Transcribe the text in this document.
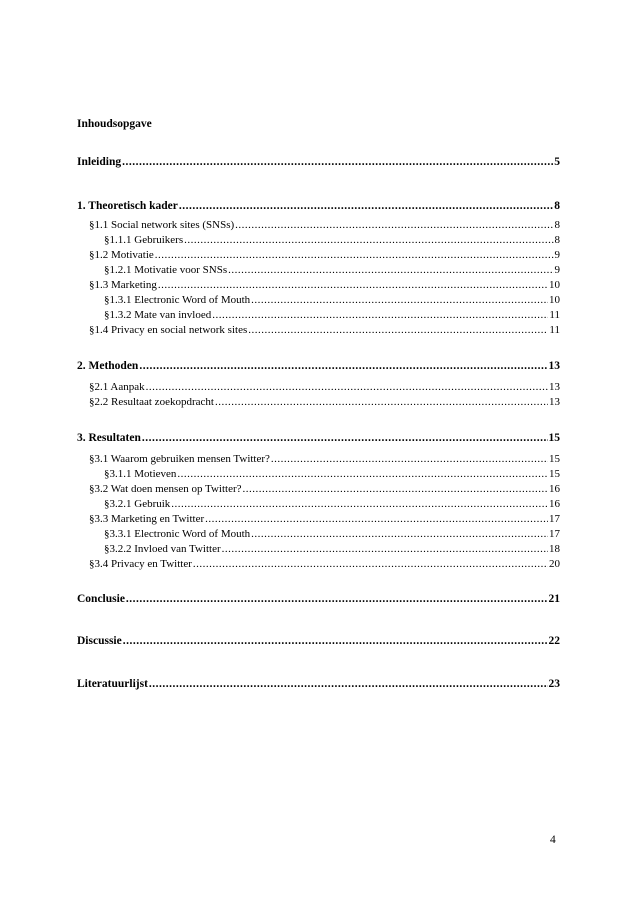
Inhoudsopgave
Inleiding .....	5
1. Theoretisch kader .....	8
§1.1 Social network sites (SNSs) .....	8
§1.1.1 Gebruikers .....	8
§1.2 Motivatie .....	9
§1.2.1 Motivatie voor SNSs .....	9
§1.3 Marketing .....	10
§1.3.1 Electronic Word of Mouth .....	10
§1.3.2 Mate van invloed .....	11
§1.4 Privacy en social network sites .....	11
2. Methoden .....	13
§2.1 Aanpak .....	13
§2.2 Resultaat zoekopdracht .....	13
3. Resultaten .....	15
§3.1 Waarom gebruiken mensen Twitter? .....	15
§3.1.1 Motieven .....	15
§3.2 Wat doen mensen op Twitter? .....	16
§3.2.1 Gebruik .....	16
§3.3 Marketing en Twitter .....	17
§3.3.1 Electronic Word of Mouth .....	17
§3.2.2 Invloed van Twitter .....	18
§3.4 Privacy en Twitter .....	20
Conclusie .....	21
Discussie .....	22
Literatuurlijst .....	23
4
